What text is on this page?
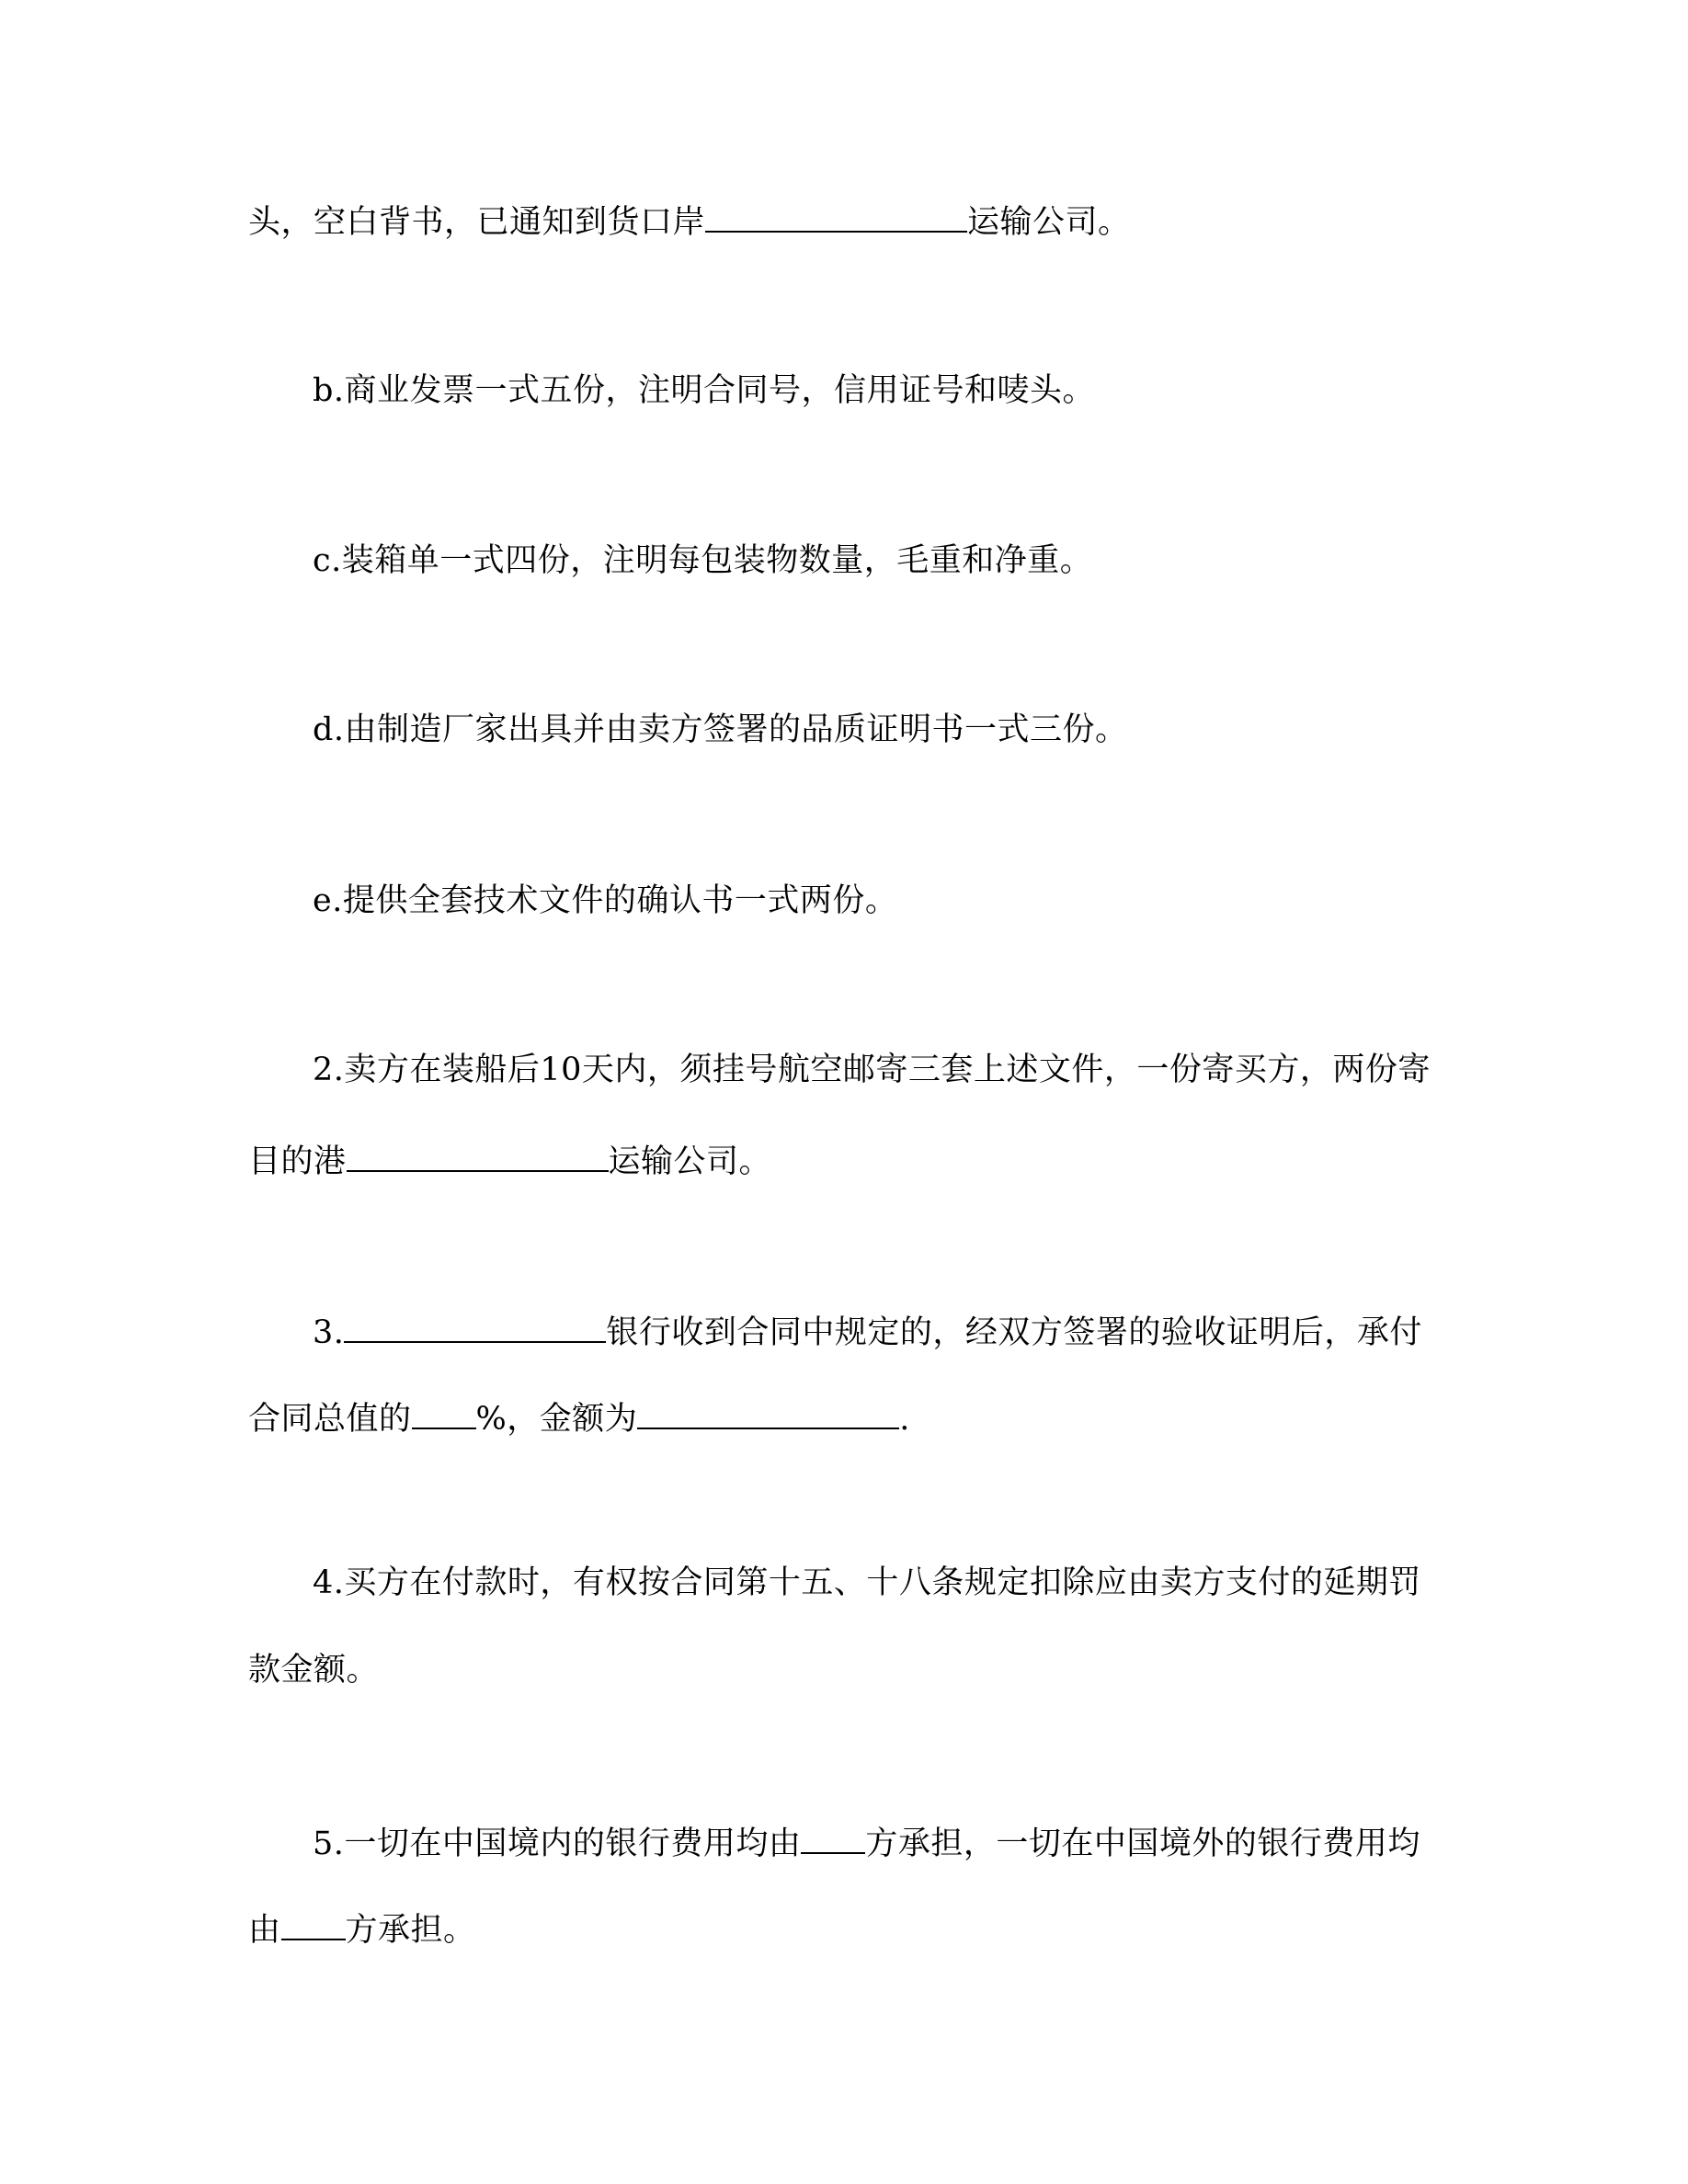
头，空白背书，已通知到货口岸	运输公司。
b.商业发票一式五份，注明合同号，信用证号和唛头。
c.装箱单一式四份，注明每包装物数量，毛重和净重。
d.由制造厂家出具并由卖方签署的品质证明书一式三份。
e.提供全套技术文件的确认书一式两份。
2.卖方在装船后10天内，须挂号航空邮寄三套上述文件，一份寄买方，两份寄
目的港	运输公司。
3.	银行收到合同中规定的，经双方签署的验收证明后，承付
合同总值的 %，金额为	.
4.买方在付款时，有权按合同第十五、十八条规定扣除应由卖方支付的延期罚
款金额。
5.一切在中国境内的银行费用均由 方承担，一切在中国境外的银行费用均
由 方承担。
